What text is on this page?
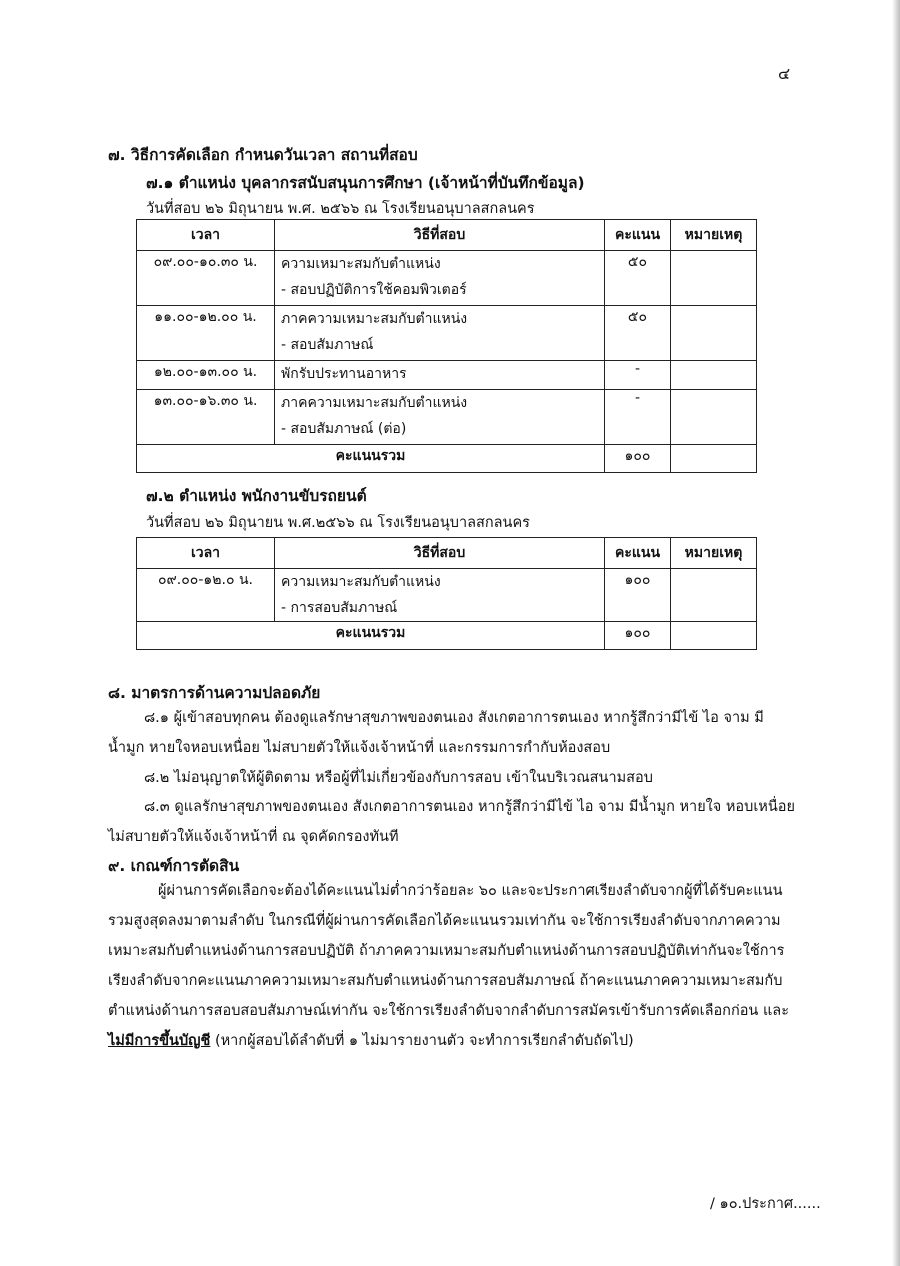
๔
๗. วิธีการคัดเลือก กำหนดวันเวลา สถานที่สอบ
๗.๑ ตำแหน่ง บุคลากรสนับสนุนการศึกษา (เจ้าหน้าที่บันทึกข้อมูล)
วันที่สอบ ๒๖ มิถุนายน พ.ศ. ๒๕๖๖ ณ โรงเรียนอนุบาลสกลนคร
เวลา	วิธีที่สอบ	คะแนน	หมายเหตุ
๐๙.๐๐-๑๐.๓๐ น.	ความเหมาะสมกับตำแหน่ง
- สอบปฏิบัติการใช้คอมพิวเตอร์	๕๐	
๑๑.๐๐-๑๒.๐๐ น.	ภาคความเหมาะสมกับตำแหน่ง
- สอบสัมภาษณ์	๕๐	
๑๒.๐๐-๑๓.๐๐ น.	พักรับประทานอาหาร	-	
๑๓.๐๐-๑๖.๓๐ น.	ภาคความเหมาะสมกับตำแหน่ง
- สอบสัมภาษณ์ (ต่อ)	-	
คะแนนรวม		๑๐๐	
๗.๒ ตำแหน่ง พนักงานขับรถยนต์
วันที่สอบ ๒๖ มิถุนายน พ.ศ.๒๕๖๖ ณ โรงเรียนอนุบาลสกลนคร
เวลา	วิธีที่สอบ	คะแนน	หมายเหตุ
๐๙.๐๐-๑๒.๐ น.	ความเหมาะสมกับตำแหน่ง
- การสอบสัมภาษณ์	๑๐๐	
คะแนนรวม		๑๐๐	
๘. มาตรการด้านความปลอดภัย
๘.๑ ผู้เข้าสอบทุกคน ต้องดูแลรักษาสุขภาพของตนเอง สังเกตอาการตนเอง หากรู้สึกว่ามีไข้ ไอ จาม มีน้ำมูก หายใจหอบเหนื่อย ไม่สบายตัวให้แจ้งเจ้าหน้าที่ และกรรมการกำกับห้องสอบ
๘.๒ ไม่อนุญาตให้ผู้ติดตาม หรือผู้ที่ไม่เกี่ยวข้องกับการสอบ เข้าในบริเวณสนามสอบ
๘.๓ ดูแลรักษาสุขภาพของตนเอง สังเกตอาการตนเอง หากรู้สึกว่ามีไข้ ไอ จาม มีน้ำมูก หายใจ หอบเหนื่อย ไม่สบายตัวให้แจ้งเจ้าหน้าที่ ณ จุดคัดกรองทันที
๙. เกณฑ์การตัดสิน
ผู้ผ่านการคัดเลือกจะต้องได้คะแนนไม่ต่ำกว่าร้อยละ ๖๐ และจะประกาศเรียงลำดับจากผู้ที่ได้รับคะแนนรวมสูงสุดลงมาตามลำดับ ในกรณีที่ผู้ผ่านการคัดเลือกได้คะแนนรวมเท่ากัน จะใช้การเรียงลำดับจากภาคความเหมาะสมกับตำแหน่งด้านการสอบปฏิบัติ ถ้าภาคความเหมาะสมกับตำแหน่งด้านการสอบปฏิบัติเท่ากันจะใช้การเรียงลำดับจากคะแนนภาคความเหมาะสมกับตำแหน่งด้านการสอบสัมภาษณ์ ถ้าคะแนนภาคความเหมาะสมกับตำแหน่งด้านการสอบสอบสัมภาษณ์เท่ากัน จะใช้การเรียงลำดับจากลำดับการสมัครเข้ารับการคัดเลือกก่อน และไม่มีการขึ้นบัญชี (หากผู้สอบได้ลำดับที่ ๑ ไม่มารายงานตัว จะทำการเรียกลำดับถัดไป)
/ ๑๐.ประกาศ......
